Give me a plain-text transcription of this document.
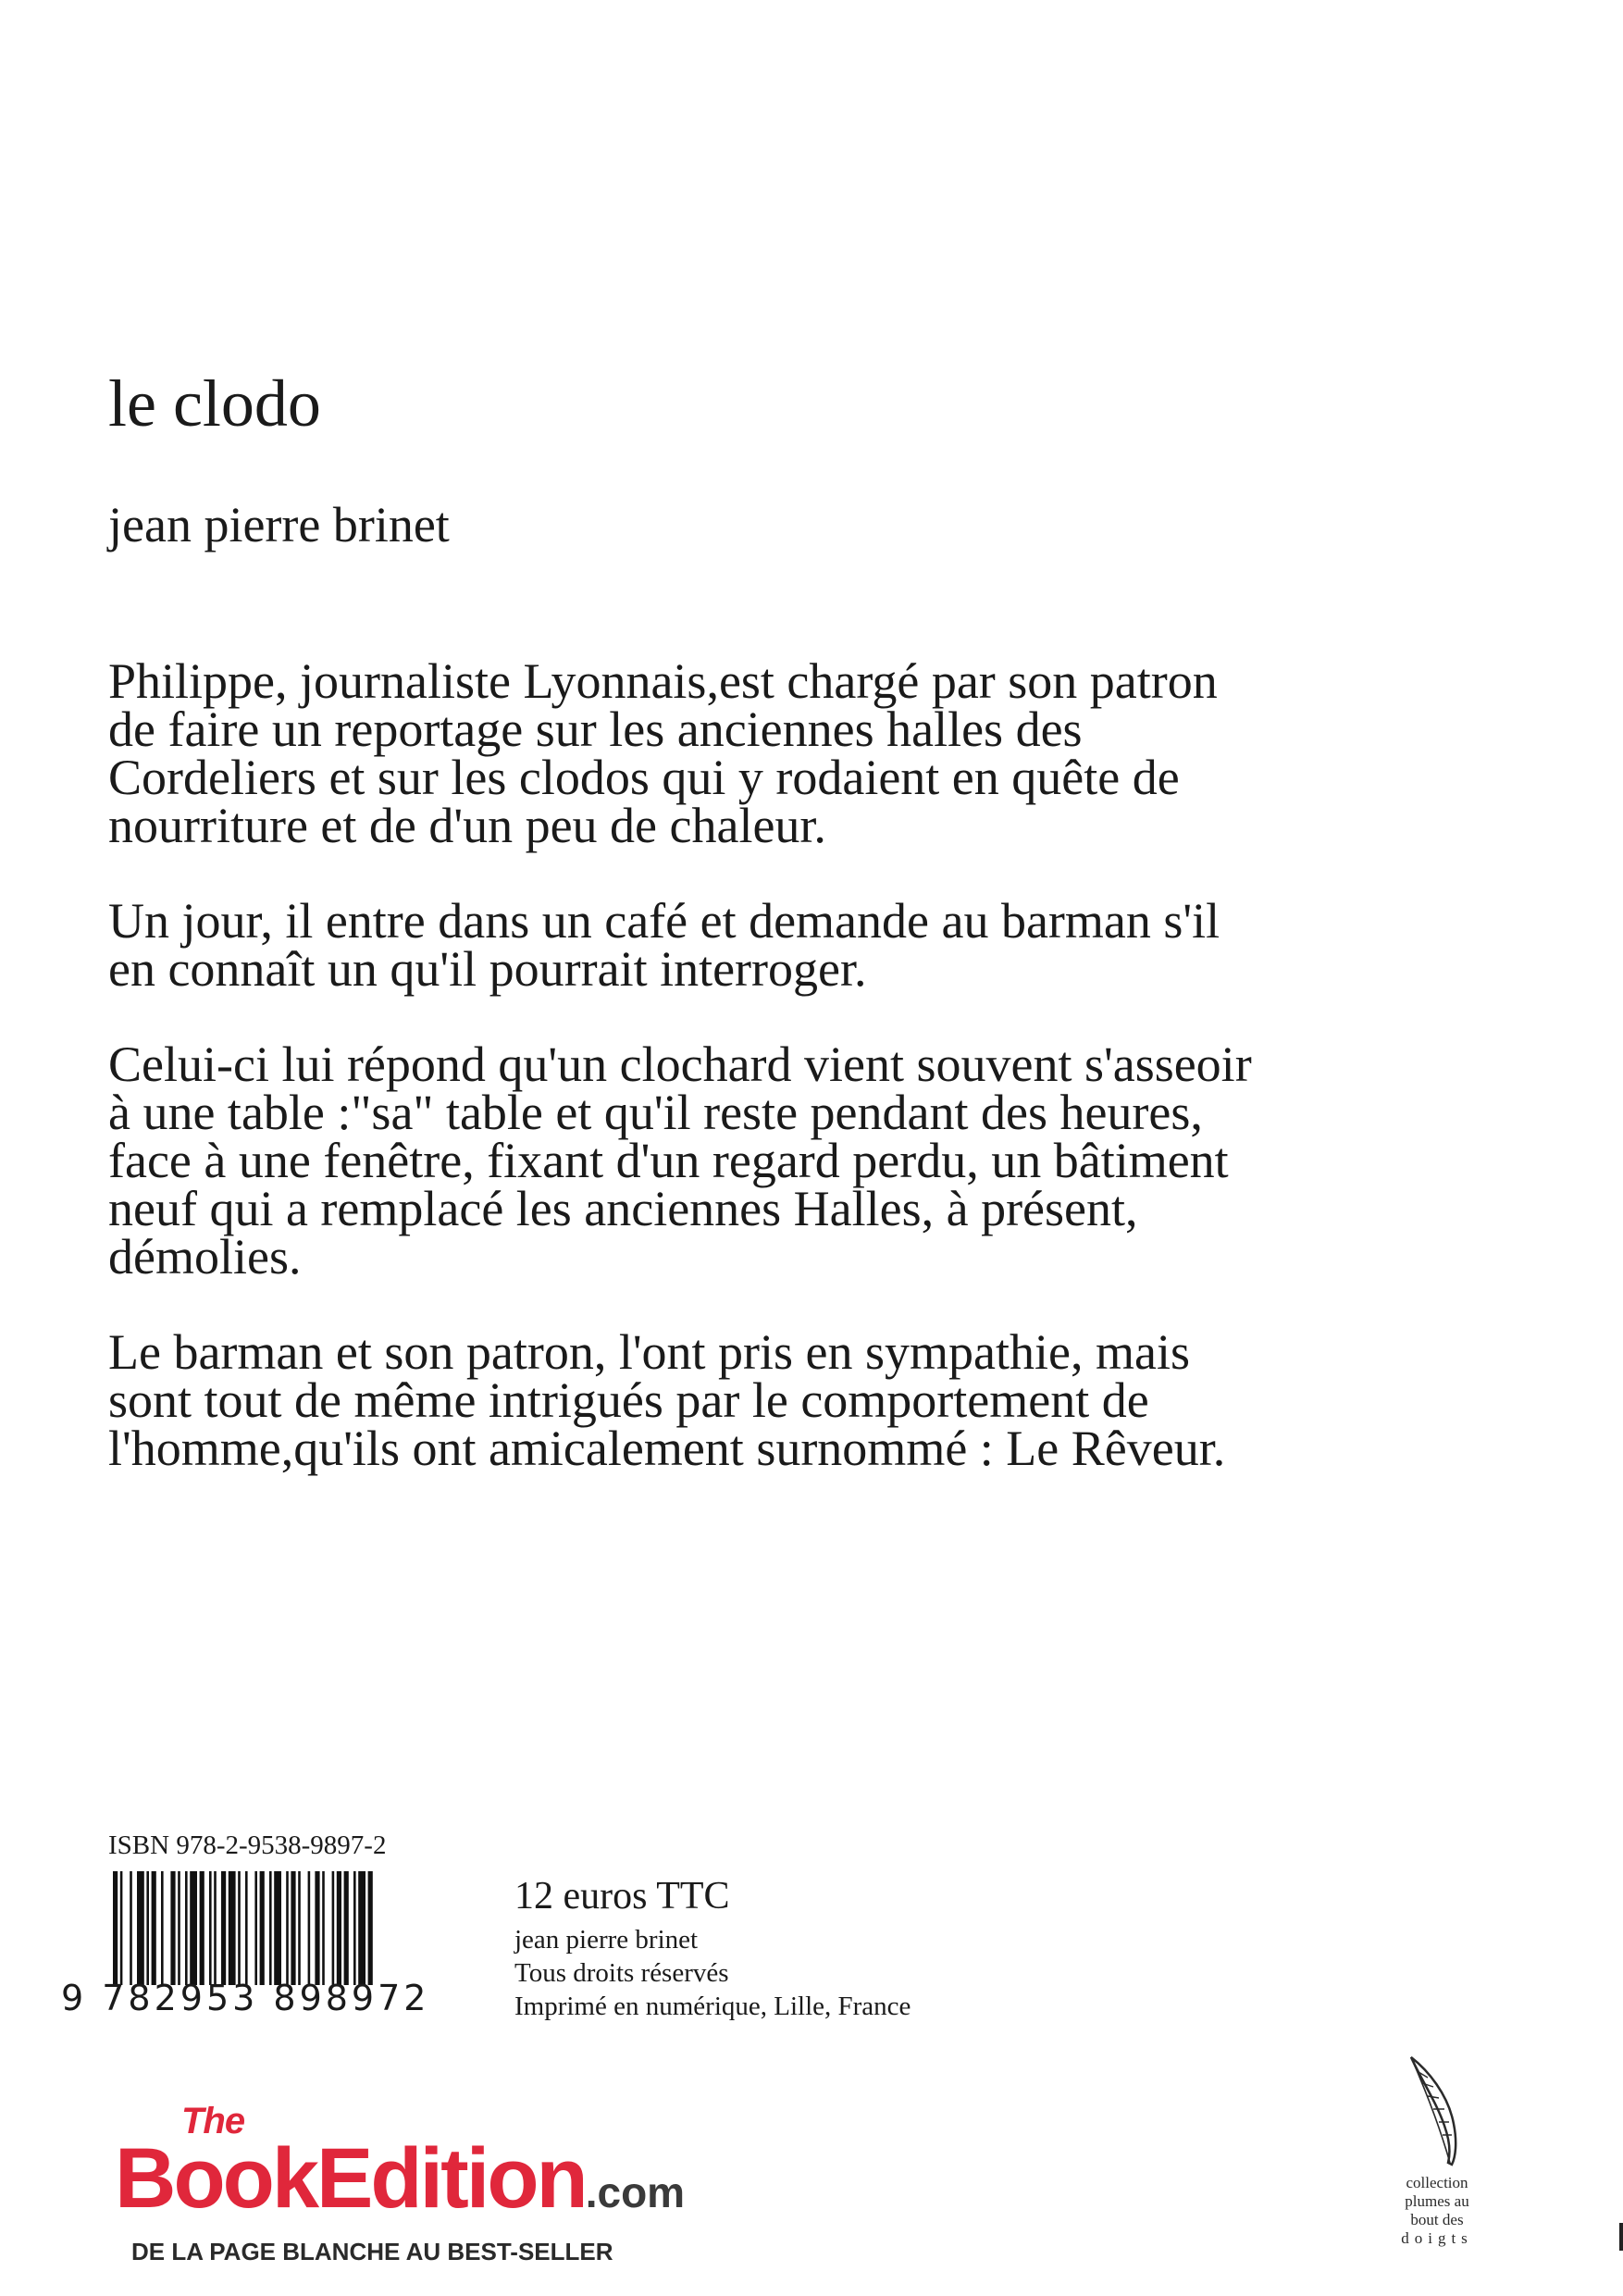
le clodo
jean pierre brinet

Philippe, journaliste Lyonnais,est chargé par son patron de faire un reportage sur les anciennes halles des Cordeliers et sur les clodos qui y rodaient en quête de nourriture et de d'un peu de chaleur.

Un jour, il entre dans un café et demande au barman s'il en connaît un qu'il pourrait interroger.

Celui-ci lui répond qu'un clochard vient souvent s'asseoir à une table :"sa" table et qu'il reste pendant des heures, face à une fenêtre, fixant d'un regard perdu, un bâtiment neuf qui a remplacé les anciennes Halles, à présent, démolies.

Le barman et son patron, l'ont pris en sympathie, mais sont tout de même intrigués par le comportement de l'homme,qu'ils ont amicalement surnommé : Le Rêveur.

ISBN 978-2-9538-9897-2
9 782953 898972
12 euros TTC
jean pierre brinet
Tous droits réservés
Imprimé en numérique, Lille, France
The
BookEdition.com
DE LA PAGE BLANCHE AU BEST-SELLER
collection
plumes au
bout des
doigts
